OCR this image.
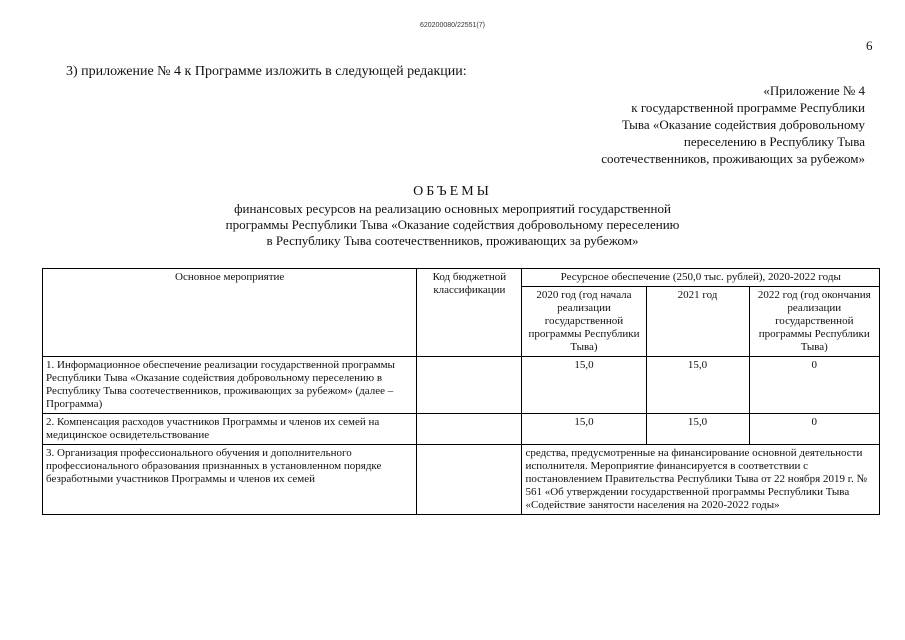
620200080/22551(7)
6
3) приложение № 4 к Программе изложить в следующей редакции:
«Приложение № 4
к государственной программе Республики
Тыва «Оказание содействия добровольному
переселению в Республику Тыва
соотечественников, проживающих за рубежом»
ОБЪЕМЫ
финансовых ресурсов на реализацию основных мероприятий государственной
программы Республики Тыва «Оказание содействия добровольному переселению
в Республику Тыва соотечественников, проживающих за рубежом»
Основное мероприятие	Код бюджетной классификации	Ресурсное обеспечение (250,0 тыс. рублей), 2020-2022 годы		
		2020 год (год начала реализации государственной программы Республики Тыва)	2021 год	2022 год (год окончания реализации государственной программы Республики Тыва)
1. Информационное обеспечение реализации государственной программы Республики Тыва «Оказание содействия добровольному переселению в Республику Тыва соотечественников, проживающих за рубежом» (далее – Программа)		15,0	15,0	0
2. Компенсация расходов участников Программы и членов их семей на медицинское освидетельствование		15,0	15,0	0
3. Организация профессионального обучения и дополнительного профессионального образования признанных в установленном порядке безработными участников Программы и членов их семей		средства, предусмотренные на финансирование основной деятельности исполнителя. Мероприятие финансируется в соответствии с постановлением Правительства Республики Тыва от 22 ноября 2019 г. № 561 «Об утверждении государственной программы Республики Тыва «Содействие занятости населения на 2020-2022 годы»		
